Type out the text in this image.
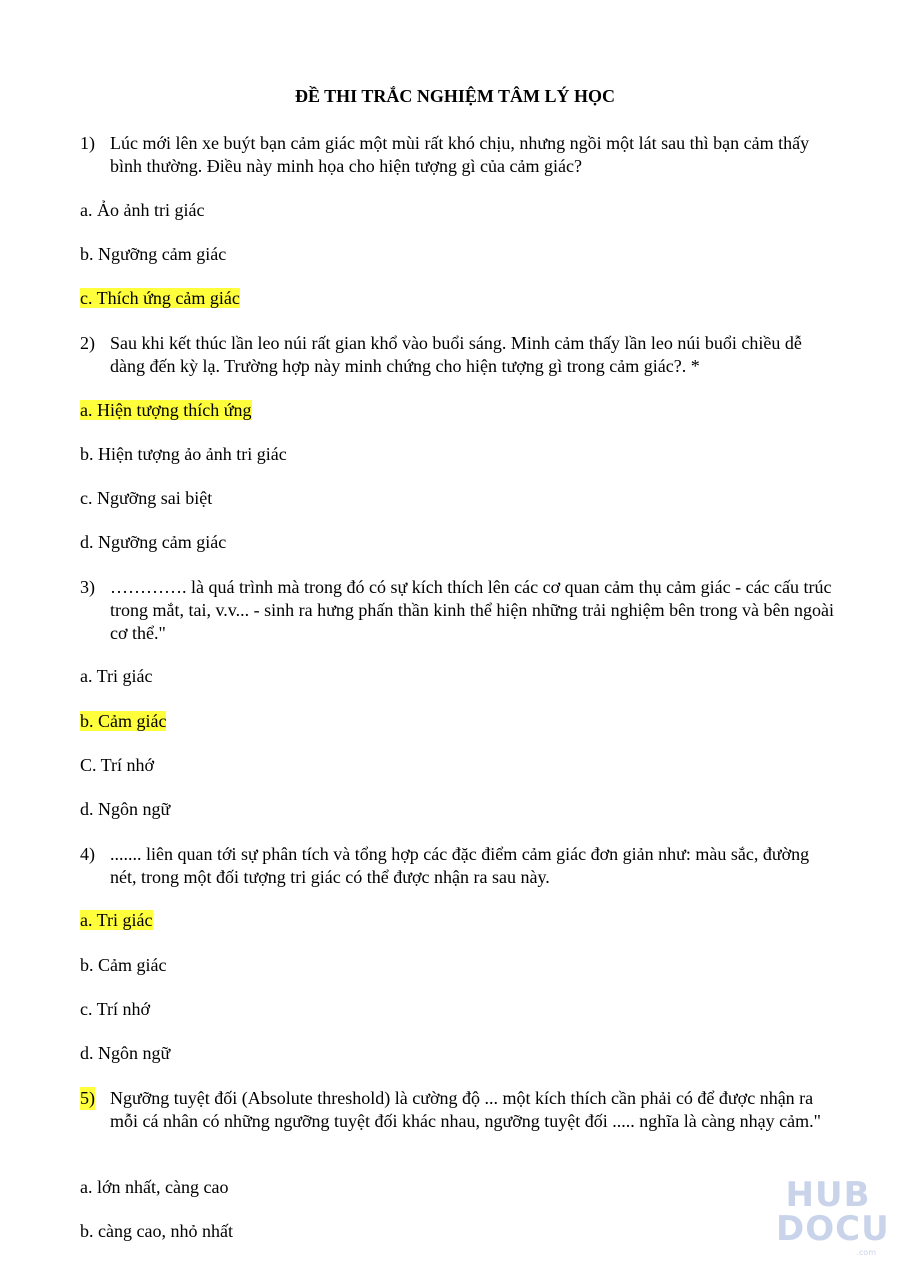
ĐỀ THI TRẮC NGHIỆM TÂM LÝ HỌC
1) Lúc mới lên xe buýt bạn cảm giác một mùi rất khó chịu, nhưng ngồi một lát sau thì bạn cảm thấy bình thường. Điều này minh họa cho hiện tượng gì của cảm giác?
a. Ảo ảnh tri giác
b. Ngưỡng cảm giác
c. Thích ứng cảm giác
2) Sau khi kết thúc lần leo núi rất gian khổ vào buổi sáng. Minh cảm thấy lần leo núi buổi chiều dễ dàng đến kỳ lạ. Trường hợp này minh chứng cho hiện tượng gì trong cảm giác?. *
a. Hiện tượng thích ứng
b. Hiện tượng ảo ảnh tri giác
c. Ngưỡng sai biệt
d. Ngưỡng cảm giác
3) …………. là quá trình mà trong đó có sự kích thích lên các cơ quan cảm thụ cảm giác - các cấu trúc trong mắt, tai, v.v... - sinh ra hưng phấn thần kinh thể hiện những trải nghiệm bên trong và bên ngoài cơ thể."
a. Tri giác
b. Cảm giác
C. Trí nhớ
d. Ngôn ngữ
4) ....... liên quan tới sự phân tích và tổng hợp các đặc điểm cảm giác đơn giản như: màu sắc, đường nét, trong một đối tượng tri giác có thể được nhận ra sau này.
a. Tri giác
b. Cảm giác
c. Trí nhớ
d. Ngôn ngữ
5) Ngưỡng tuyệt đối (Absolute threshold) là cường độ ... một kích thích cần phải có để được nhận ra mỗi cá nhân có những ngưỡng tuyệt đối khác nhau, ngưỡng tuyệt đối ..... nghĩa là càng nhạy cảm."
a. lớn nhất, càng cao
b. càng cao, nhỏ nhất
HUB
DOCU
.com
